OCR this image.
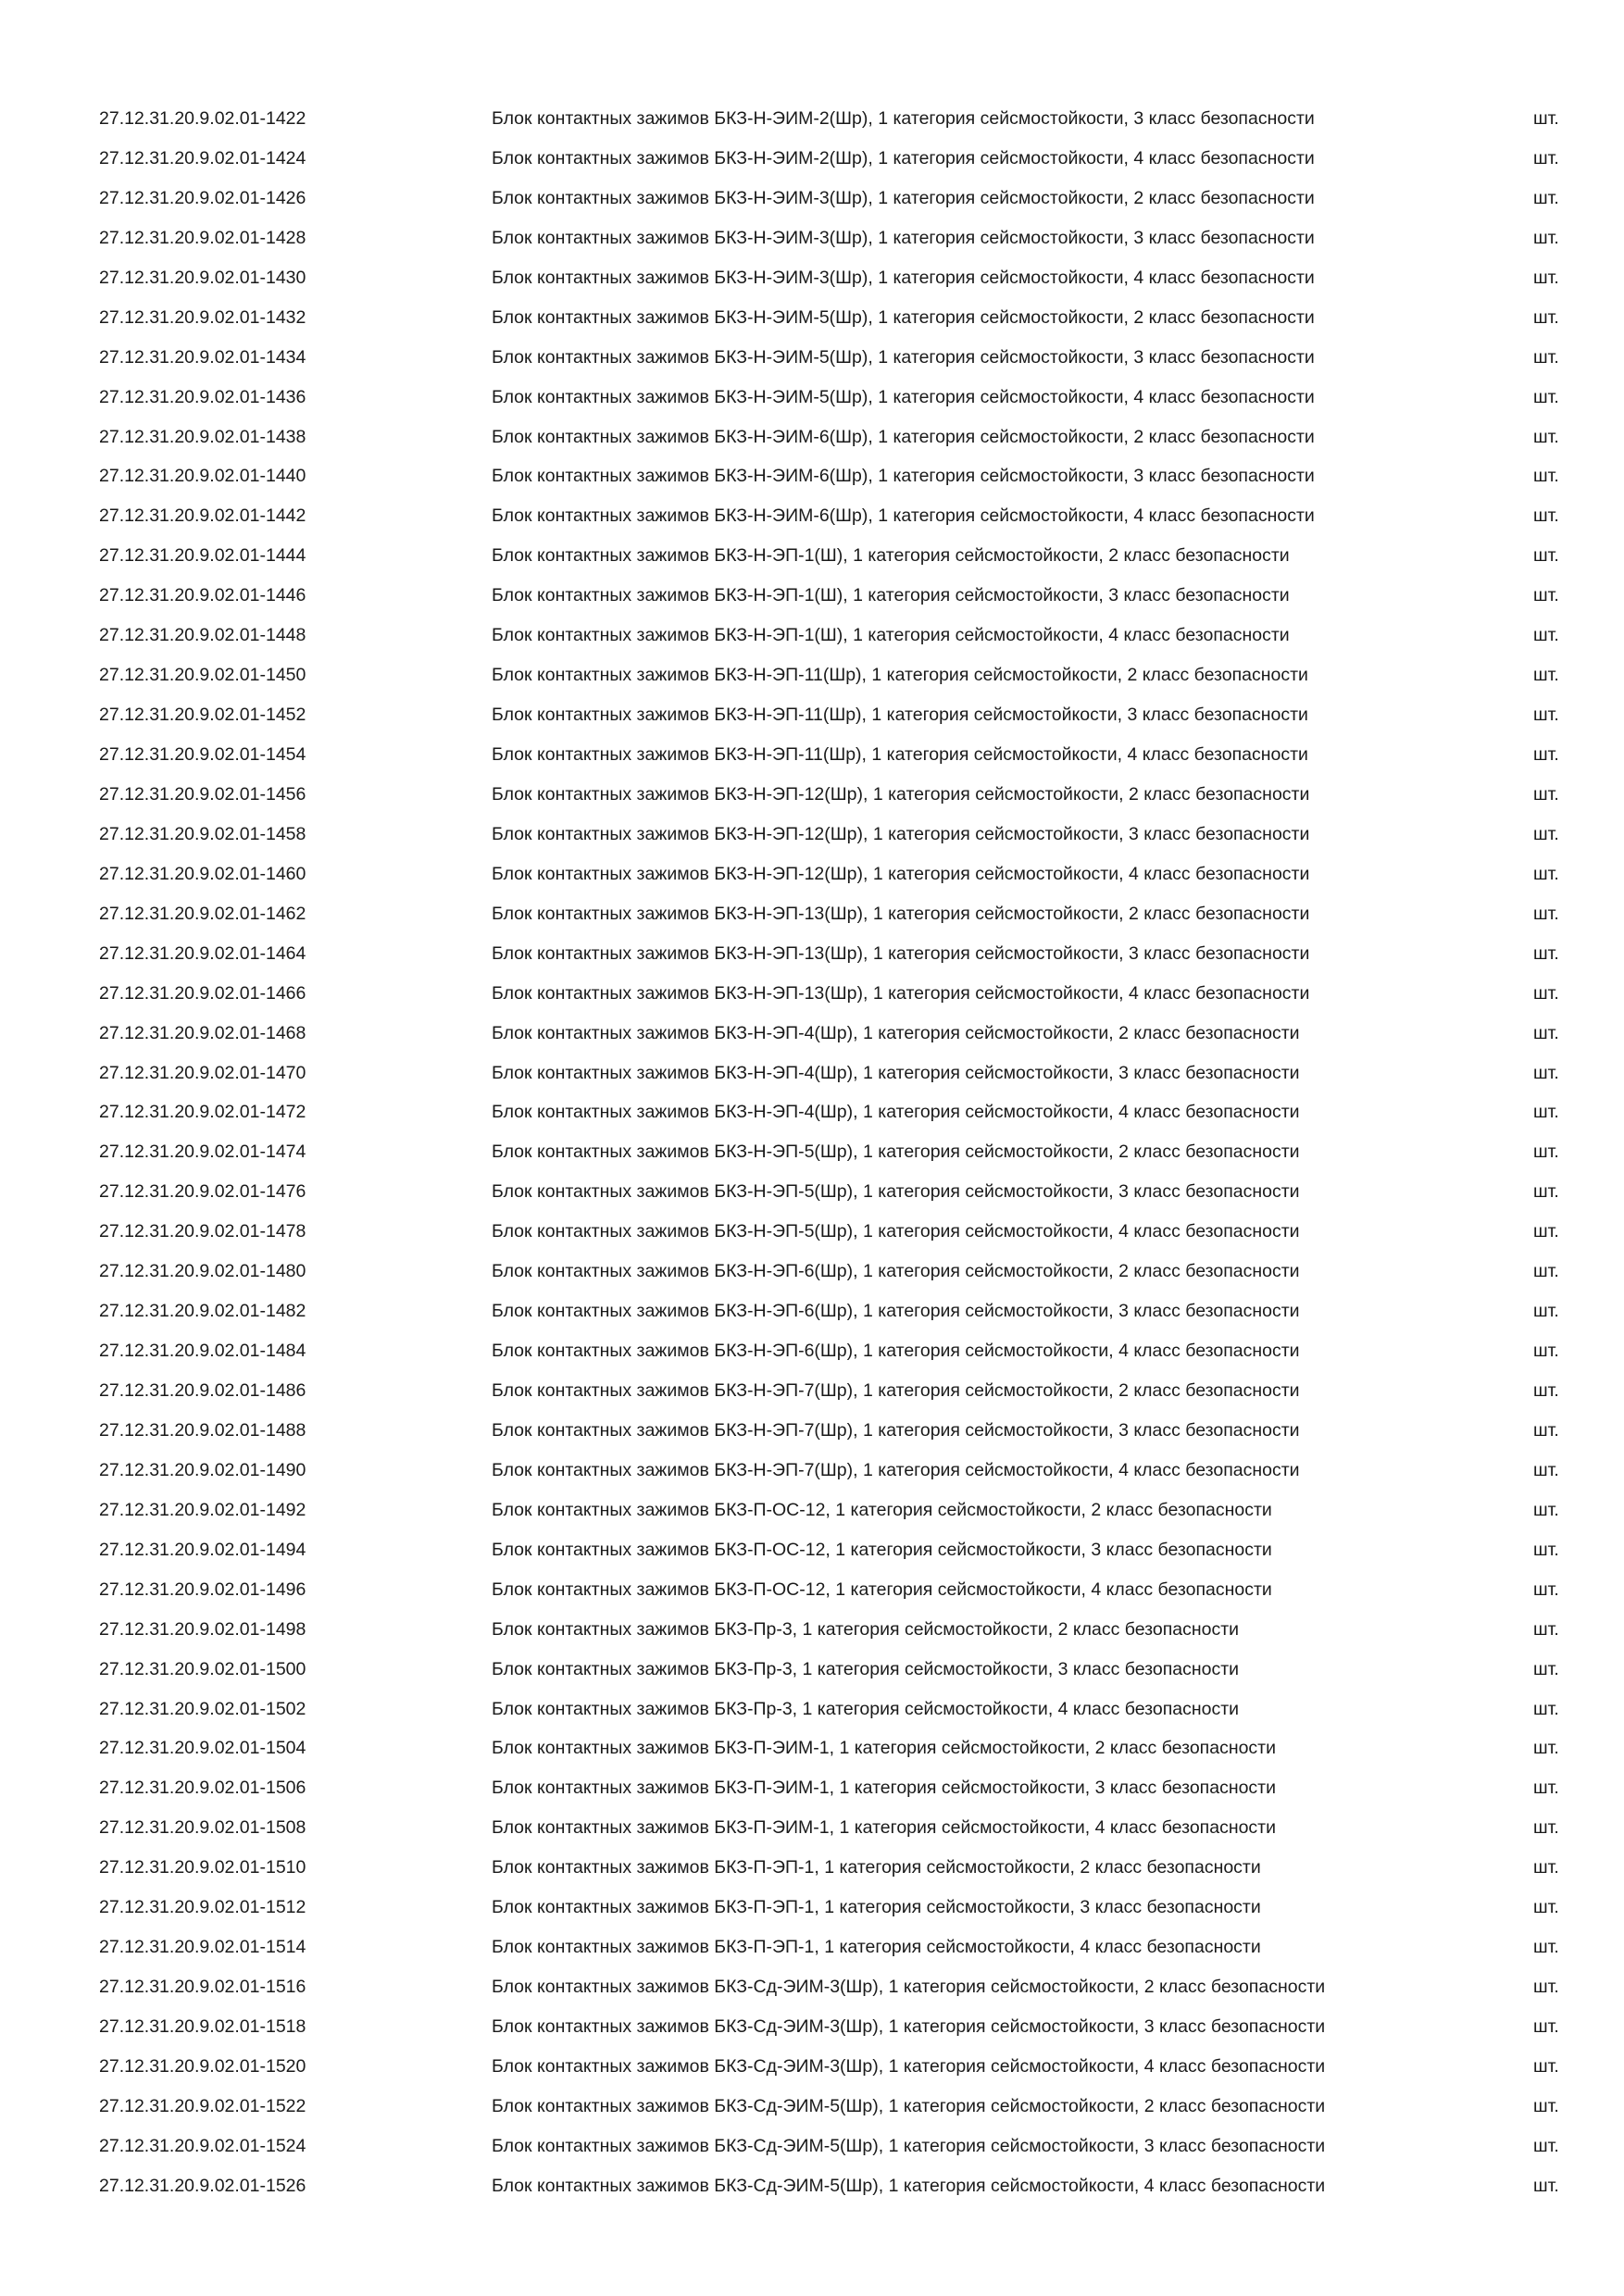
27.12.31.20.9.02.01-1422	Блок контактных зажимов БКЗ-Н-ЭИМ-2(Шр), 1 категория сейсмостойкости, 3 класс безопасности	шт.
27.12.31.20.9.02.01-1424	Блок контактных зажимов БКЗ-Н-ЭИМ-2(Шр), 1 категория сейсмостойкости, 4 класс безопасности	шт.
27.12.31.20.9.02.01-1426	Блок контактных зажимов БКЗ-Н-ЭИМ-3(Шр), 1 категория сейсмостойкости, 2 класс безопасности	шт.
27.12.31.20.9.02.01-1428	Блок контактных зажимов БКЗ-Н-ЭИМ-3(Шр), 1 категория сейсмостойкости, 3 класс безопасности	шт.
27.12.31.20.9.02.01-1430	Блок контактных зажимов БКЗ-Н-ЭИМ-3(Шр), 1 категория сейсмостойкости, 4 класс безопасности	шт.
27.12.31.20.9.02.01-1432	Блок контактных зажимов БКЗ-Н-ЭИМ-5(Шр), 1 категория сейсмостойкости, 2 класс безопасности	шт.
27.12.31.20.9.02.01-1434	Блок контактных зажимов БКЗ-Н-ЭИМ-5(Шр), 1 категория сейсмостойкости, 3 класс безопасности	шт.
27.12.31.20.9.02.01-1436	Блок контактных зажимов БКЗ-Н-ЭИМ-5(Шр), 1 категория сейсмостойкости, 4 класс безопасности	шт.
27.12.31.20.9.02.01-1438	Блок контактных зажимов БКЗ-Н-ЭИМ-6(Шр), 1 категория сейсмостойкости, 2 класс безопасности	шт.
27.12.31.20.9.02.01-1440	Блок контактных зажимов БКЗ-Н-ЭИМ-6(Шр), 1 категория сейсмостойкости, 3 класс безопасности	шт.
27.12.31.20.9.02.01-1442	Блок контактных зажимов БКЗ-Н-ЭИМ-6(Шр), 1 категория сейсмостойкости, 4 класс безопасности	шт.
27.12.31.20.9.02.01-1444	Блок контактных зажимов БКЗ-Н-ЭП-1(Ш), 1 категория сейсмостойкости, 2 класс безопасности	шт.
27.12.31.20.9.02.01-1446	Блок контактных зажимов БКЗ-Н-ЭП-1(Ш), 1 категория сейсмостойкости, 3 класс безопасности	шт.
27.12.31.20.9.02.01-1448	Блок контактных зажимов БКЗ-Н-ЭП-1(Ш), 1 категория сейсмостойкости, 4 класс безопасности	шт.
27.12.31.20.9.02.01-1450	Блок контактных зажимов БКЗ-Н-ЭП-11(Шр), 1 категория сейсмостойкости, 2 класс безопасности	шт.
27.12.31.20.9.02.01-1452	Блок контактных зажимов БКЗ-Н-ЭП-11(Шр), 1 категория сейсмостойкости, 3 класс безопасности	шт.
27.12.31.20.9.02.01-1454	Блок контактных зажимов БКЗ-Н-ЭП-11(Шр), 1 категория сейсмостойкости, 4 класс безопасности	шт.
27.12.31.20.9.02.01-1456	Блок контактных зажимов БКЗ-Н-ЭП-12(Шр), 1 категория сейсмостойкости, 2 класс безопасности	шт.
27.12.31.20.9.02.01-1458	Блок контактных зажимов БКЗ-Н-ЭП-12(Шр), 1 категория сейсмостойкости, 3 класс безопасности	шт.
27.12.31.20.9.02.01-1460	Блок контактных зажимов БКЗ-Н-ЭП-12(Шр), 1 категория сейсмостойкости, 4 класс безопасности	шт.
27.12.31.20.9.02.01-1462	Блок контактных зажимов БКЗ-Н-ЭП-13(Шр), 1 категория сейсмостойкости, 2 класс безопасности	шт.
27.12.31.20.9.02.01-1464	Блок контактных зажимов БКЗ-Н-ЭП-13(Шр), 1 категория сейсмостойкости, 3 класс безопасности	шт.
27.12.31.20.9.02.01-1466	Блок контактных зажимов БКЗ-Н-ЭП-13(Шр), 1 категория сейсмостойкости, 4 класс безопасности	шт.
27.12.31.20.9.02.01-1468	Блок контактных зажимов БКЗ-Н-ЭП-4(Шр), 1 категория сейсмостойкости, 2 класс безопасности	шт.
27.12.31.20.9.02.01-1470	Блок контактных зажимов БКЗ-Н-ЭП-4(Шр), 1 категория сейсмостойкости, 3 класс безопасности	шт.
27.12.31.20.9.02.01-1472	Блок контактных зажимов БКЗ-Н-ЭП-4(Шр), 1 категория сейсмостойкости, 4 класс безопасности	шт.
27.12.31.20.9.02.01-1474	Блок контактных зажимов БКЗ-Н-ЭП-5(Шр), 1 категория сейсмостойкости, 2 класс безопасности	шт.
27.12.31.20.9.02.01-1476	Блок контактных зажимов БКЗ-Н-ЭП-5(Шр), 1 категория сейсмостойкости, 3 класс безопасности	шт.
27.12.31.20.9.02.01-1478	Блок контактных зажимов БКЗ-Н-ЭП-5(Шр), 1 категория сейсмостойкости, 4 класс безопасности	шт.
27.12.31.20.9.02.01-1480	Блок контактных зажимов БКЗ-Н-ЭП-6(Шр), 1 категория сейсмостойкости, 2 класс безопасности	шт.
27.12.31.20.9.02.01-1482	Блок контактных зажимов БКЗ-Н-ЭП-6(Шр), 1 категория сейсмостойкости, 3 класс безопасности	шт.
27.12.31.20.9.02.01-1484	Блок контактных зажимов БКЗ-Н-ЭП-6(Шр), 1 категория сейсмостойкости, 4 класс безопасности	шт.
27.12.31.20.9.02.01-1486	Блок контактных зажимов БКЗ-Н-ЭП-7(Шр), 1 категория сейсмостойкости, 2 класс безопасности	шт.
27.12.31.20.9.02.01-1488	Блок контактных зажимов БКЗ-Н-ЭП-7(Шр), 1 категория сейсмостойкости, 3 класс безопасности	шт.
27.12.31.20.9.02.01-1490	Блок контактных зажимов БКЗ-Н-ЭП-7(Шр), 1 категория сейсмостойкости, 4 класс безопасности	шт.
27.12.31.20.9.02.01-1492	Блок контактных зажимов БКЗ-П-ОС-12, 1 категория сейсмостойкости, 2 класс безопасности	шт.
27.12.31.20.9.02.01-1494	Блок контактных зажимов БКЗ-П-ОС-12, 1 категория сейсмостойкости, 3 класс безопасности	шт.
27.12.31.20.9.02.01-1496	Блок контактных зажимов БКЗ-П-ОС-12, 1 категория сейсмостойкости, 4 класс безопасности	шт.
27.12.31.20.9.02.01-1498	Блок контактных зажимов БКЗ-Пр-3, 1 категория сейсмостойкости, 2 класс безопасности	шт.
27.12.31.20.9.02.01-1500	Блок контактных зажимов БКЗ-Пр-3, 1 категория сейсмостойкости, 3 класс безопасности	шт.
27.12.31.20.9.02.01-1502	Блок контактных зажимов БКЗ-Пр-3, 1 категория сейсмостойкости, 4 класс безопасности	шт.
27.12.31.20.9.02.01-1504	Блок контактных зажимов БКЗ-П-ЭИМ-1, 1 категория сейсмостойкости, 2 класс безопасности	шт.
27.12.31.20.9.02.01-1506	Блок контактных зажимов БКЗ-П-ЭИМ-1, 1 категория сейсмостойкости, 3 класс безопасности	шт.
27.12.31.20.9.02.01-1508	Блок контактных зажимов БКЗ-П-ЭИМ-1, 1 категория сейсмостойкости, 4 класс безопасности	шт.
27.12.31.20.9.02.01-1510	Блок контактных зажимов БКЗ-П-ЭП-1, 1 категория сейсмостойкости, 2 класс безопасности	шт.
27.12.31.20.9.02.01-1512	Блок контактных зажимов БКЗ-П-ЭП-1, 1 категория сейсмостойкости, 3 класс безопасности	шт.
27.12.31.20.9.02.01-1514	Блок контактных зажимов БКЗ-П-ЭП-1, 1 категория сейсмостойкости, 4 класс безопасности	шт.
27.12.31.20.9.02.01-1516	Блок контактных зажимов БКЗ-Сд-ЭИМ-3(Шр), 1 категория сейсмостойкости, 2 класс безопасности	шт.
27.12.31.20.9.02.01-1518	Блок контактных зажимов БКЗ-Сд-ЭИМ-3(Шр), 1 категория сейсмостойкости, 3 класс безопасности	шт.
27.12.31.20.9.02.01-1520	Блок контактных зажимов БКЗ-Сд-ЭИМ-3(Шр), 1 категория сейсмостойкости, 4 класс безопасности	шт.
27.12.31.20.9.02.01-1522	Блок контактных зажимов БКЗ-Сд-ЭИМ-5(Шр), 1 категория сейсмостойкости, 2 класс безопасности	шт.
27.12.31.20.9.02.01-1524	Блок контактных зажимов БКЗ-Сд-ЭИМ-5(Шр), 1 категория сейсмостойкости, 3 класс безопасности	шт.
27.12.31.20.9.02.01-1526	Блок контактных зажимов БКЗ-Сд-ЭИМ-5(Шр), 1 категория сейсмостойкости, 4 класс безопасности	шт.
